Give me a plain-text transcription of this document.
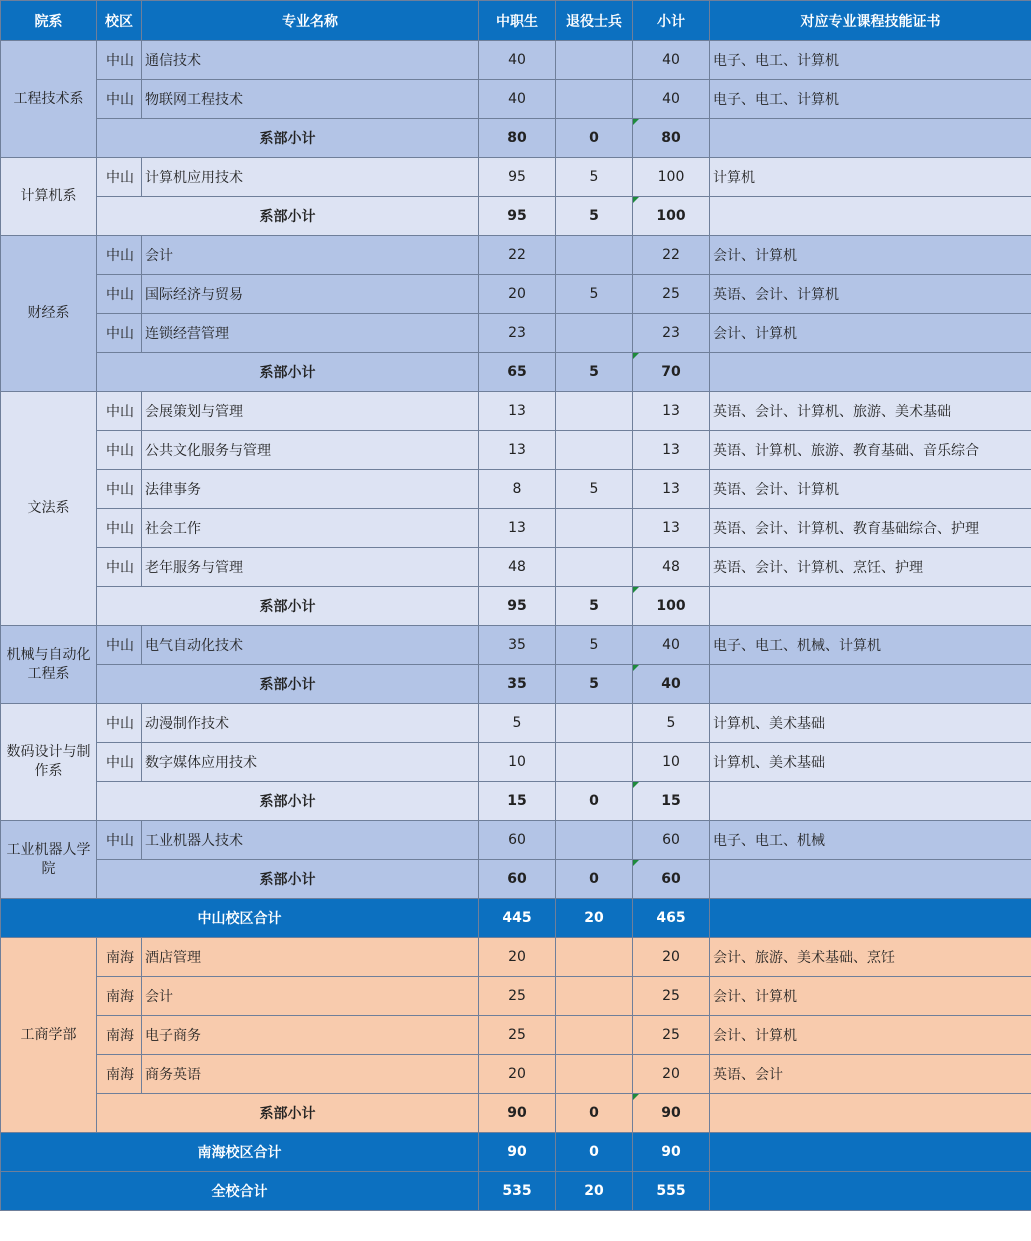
院系	校区	专业名称	中职生	退役士兵	小计	对应专业课程技能证书
工程技术系	中山	通信技术	40		40	电子、电工、计算机
	中山	物联网工程技术	40		40	电子、电工、计算机
	系部小计		80	0	80	
计算机系	中山	计算机应用技术	95	5	100	计算机
	系部小计		95	5	100	
财经系	中山	会计	22		22	会计、计算机
	中山	国际经济与贸易	20	5	25	英语、会计、计算机
	中山	连锁经营管理	23		23	会计、计算机
	系部小计		65	5	70	
文法系	中山	会展策划与管理	13		13	英语、会计、计算机、旅游、美术基础
	中山	公共文化服务与管理	13		13	英语、计算机、旅游、教育基础、音乐综合
	中山	法律事务	8	5	13	英语、会计、计算机
	中山	社会工作	13		13	英语、会计、计算机、教育基础综合、护理
	中山	老年服务与管理	48		48	英语、会计、计算机、烹饪、护理
	系部小计		95	5	100	
机械与自动化工程系	中山	电气自动化技术	35	5	40	电子、电工、机械、计算机
	系部小计		35	5	40	
数码设计与制作系	中山	动漫制作技术	5		5	计算机、美术基础
	中山	数字媒体应用技术	10		10	计算机、美术基础
	系部小计		15	0	15	
工业机器人学院	中山	工业机器人技术	60		60	电子、电工、机械
	系部小计		60	0	60	
中山校区合计			445	20	465	
工商学部	南海	酒店管理	20		20	会计、旅游、美术基础、烹饪
	南海	会计	25		25	会计、计算机
	南海	电子商务	25		25	会计、计算机
	南海	商务英语	20		20	英语、会计
	系部小计		90	0	90	
南海校区合计			90	0	90	
全校合计			535	20	555	
